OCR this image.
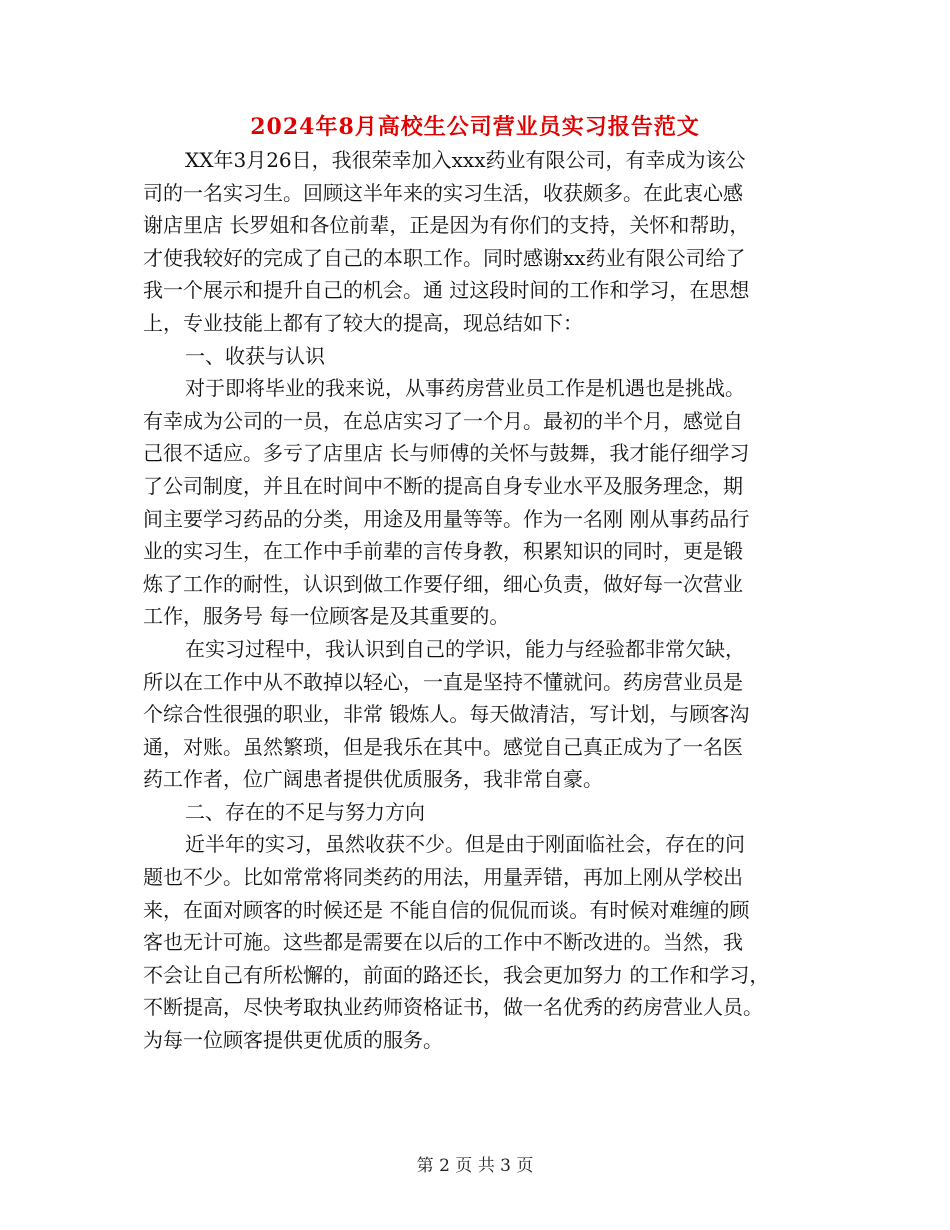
2024年8月高校生公司营业员实习报告范文
XX年3月26日，我很荣幸加入xxx药业有限公司，有幸成为该公
司的一名实习生。回顾这半年来的实习生活，收获颇多。在此衷心感
谢店里店 长罗姐和各位前辈，正是因为有你们的支持，关怀和帮助，
才使我较好的完成了自己的本职工作。同时感谢xx药业有限公司给了
我一个展示和提升自己的机会。通 过这段时间的工作和学习，在思想
上，专业技能上都有了较大的提高，现总结如下：
一、收获与认识
对于即将毕业的我来说，从事药房营业员工作是机遇也是挑战。
有幸成为公司的一员，在总店实习了一个月。最初的半个月，感觉自
己很不适应。多亏了店里店 长与师傅的关怀与鼓舞，我才能仔细学习
了公司制度，并且在时间中不断的提高自身专业水平及服务理念，期
间主要学习药品的分类，用途及用量等等。作为一名刚 刚从事药品行
业的实习生，在工作中手前辈的言传身教，积累知识的同时，更是锻
炼了工作的耐性，认识到做工作要仔细，细心负责，做好每一次营业
工作，服务号 每一位顾客是及其重要的。
在实习过程中，我认识到自己的学识，能力与经验都非常欠缺，
所以在工作中从不敢掉以轻心，一直是坚持不懂就问。药房营业员是
个综合性很强的职业，非常 锻炼人。每天做清洁，写计划，与顾客沟
通，对账。虽然繁琐，但是我乐在其中。感觉自己真正成为了一名医
药工作者，位广阔患者提供优质服务，我非常自豪。
二、存在的不足与努力方向
近半年的实习，虽然收获不少。但是由于刚面临社会，存在的问
题也不少。比如常常将同类药的用法，用量弄错，再加上刚从学校出
来，在面对顾客的时候还是 不能自信的侃侃而谈。有时候对难缠的顾
客也无计可施。这些都是需要在以后的工作中不断改进的。当然，我
不会让自己有所松懈的，前面的路还长，我会更加努力 的工作和学习，
不断提高，尽快考取执业药师资格证书，做一名优秀的药房营业人员。
为每一位顾客提供更优质的服务。
第 2 页 共 3 页
